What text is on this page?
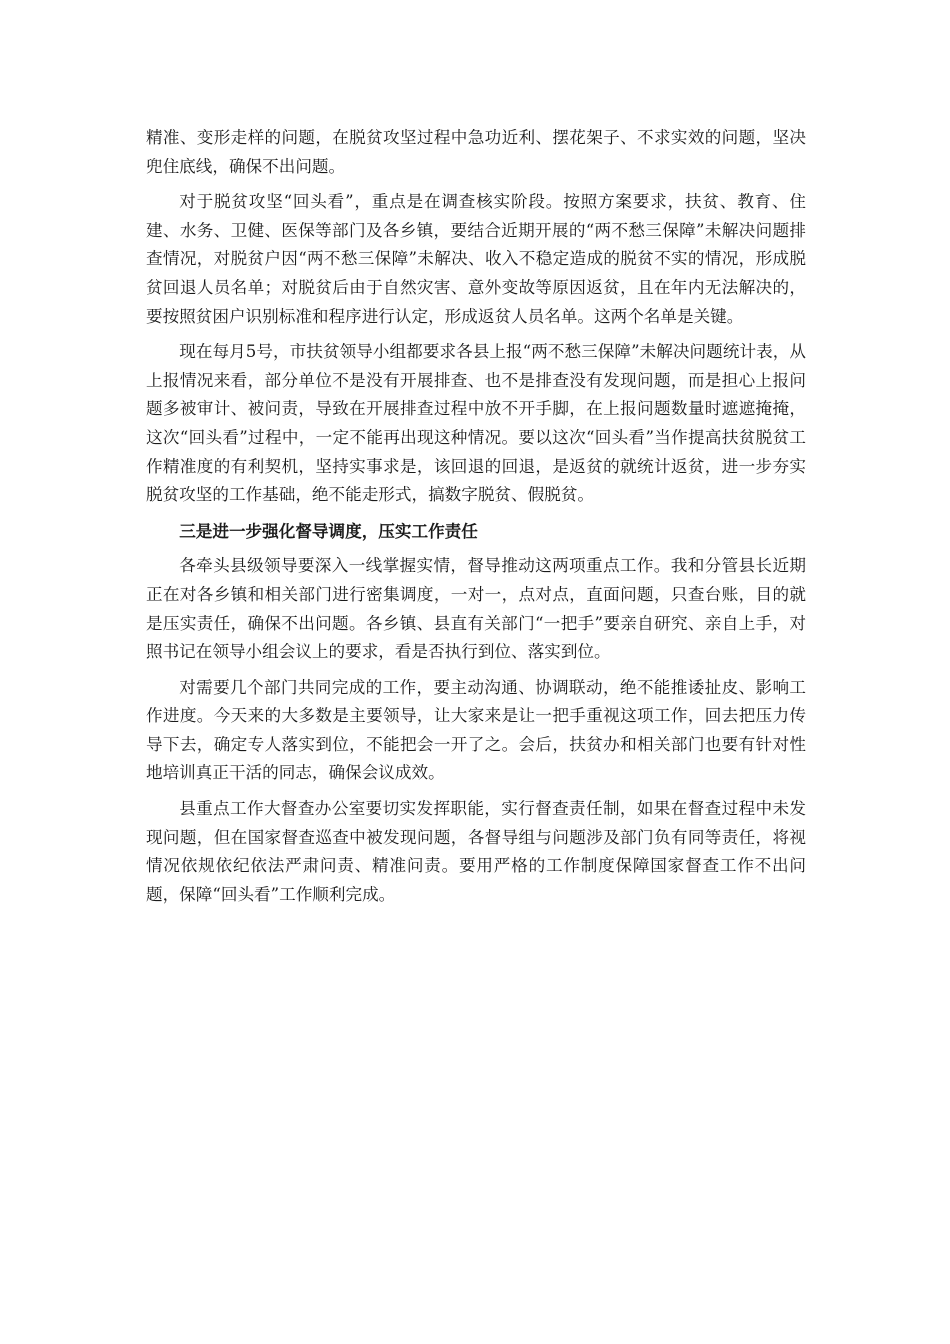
精准、变形走样的问题，在脱贫攻坚过程中急功近利、摆花架子、不求实效的问题，坚决兜住底线，确保不出问题。

对于脱贫攻坚“回头看”，重点是在调查核实阶段。按照方案要求，扶贫、教育、住建、水务、卫健、医保等部门及各乡镇，要结合近期开展的“两不愁三保障”未解决问题排查情况，对脱贫户因“两不愁三保障”未解决、收入不稳定造成的脱贫不实的情况，形成脱贫回退人员名单；对脱贫后由于自然灾害、意外变故等原因返贫，且在年内无法解决的，要按照贫困户识别标准和程序进行认定，形成返贫人员名单。这两个名单是关键。

现在每月5号，市扶贫领导小组都要求各县上报“两不愁三保障”未解决问题统计表，从上报情况来看，部分单位不是没有开展排查、也不是排查没有发现问题，而是担心上报问题多被审计、被问责，导致在开展排查过程中放不开手脚，在上报问题数量时遮遮掩掩，这次“回头看”过程中，一定不能再出现这种情况。要以这次“回头看”当作提高扶贫脱贫工作精准度的有利契机，坚持实事求是，该回退的回退，是返贫的就统计返贫，进一步夯实脱贫攻坚的工作基础，绝不能走形式，搞数字脱贫、假脱贫。

三是进一步强化督导调度，压实工作责任

各牵头县级领导要深入一线掌握实情，督导推动这两项重点工作。我和分管县长近期正在对各乡镇和相关部门进行密集调度，一对一，点对点，直面问题，只查台账，目的就是压实责任，确保不出问题。各乡镇、县直有关部门“一把手”要亲自研究、亲自上手，对照书记在领导小组会议上的要求，看是否执行到位、落实到位。

对需要几个部门共同完成的工作，要主动沟通、协调联动，绝不能推诿扯皮、影响工作进度。今天来的大多数是主要领导，让大家来是让一把手重视这项工作，回去把压力传导下去，确定专人落实到位，不能把会一开了之。会后，扶贫办和相关部门也要有针对性地培训真正干活的同志，确保会议成效。

县重点工作大督查办公室要切实发挥职能，实行督查责任制，如果在督查过程中未发现问题，但在国家督查巡查中被发现问题，各督导组与问题涉及部门负有同等责任，将视情况依规依纪依法严肃问责、精准问责。要用严格的工作制度保障国家督查工作不出问题，保障“回头看”工作顺利完成。
